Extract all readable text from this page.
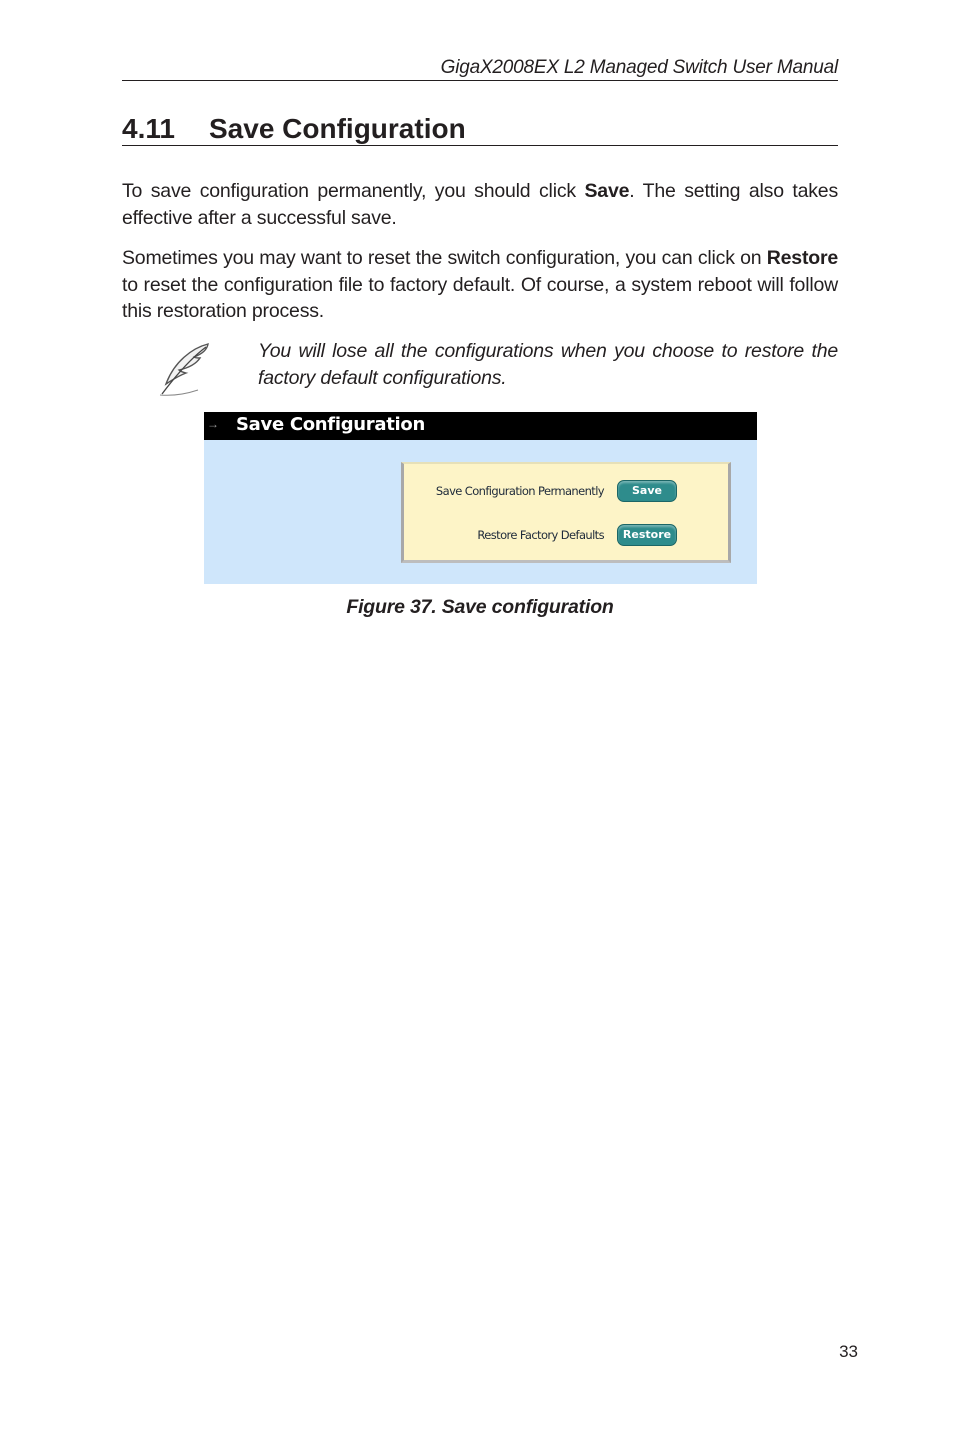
GigaX2008EX L2 Managed Switch User Manual
4.11 Save Configuration
To save configuration permanently, you should click Save. The setting also takes effective after a successful save.
Sometimes you may want to reset the switch configuration, you can click on Restore to reset the configuration file to factory default. Of course, a system reboot will follow this restoration process.
You will lose all the configurations when you choose to restore the factory default configurations.
→ Save Configuration
Save Configuration Permanently	Save
Restore Factory Defaults	Restore
Figure 37. Save configuration
33
